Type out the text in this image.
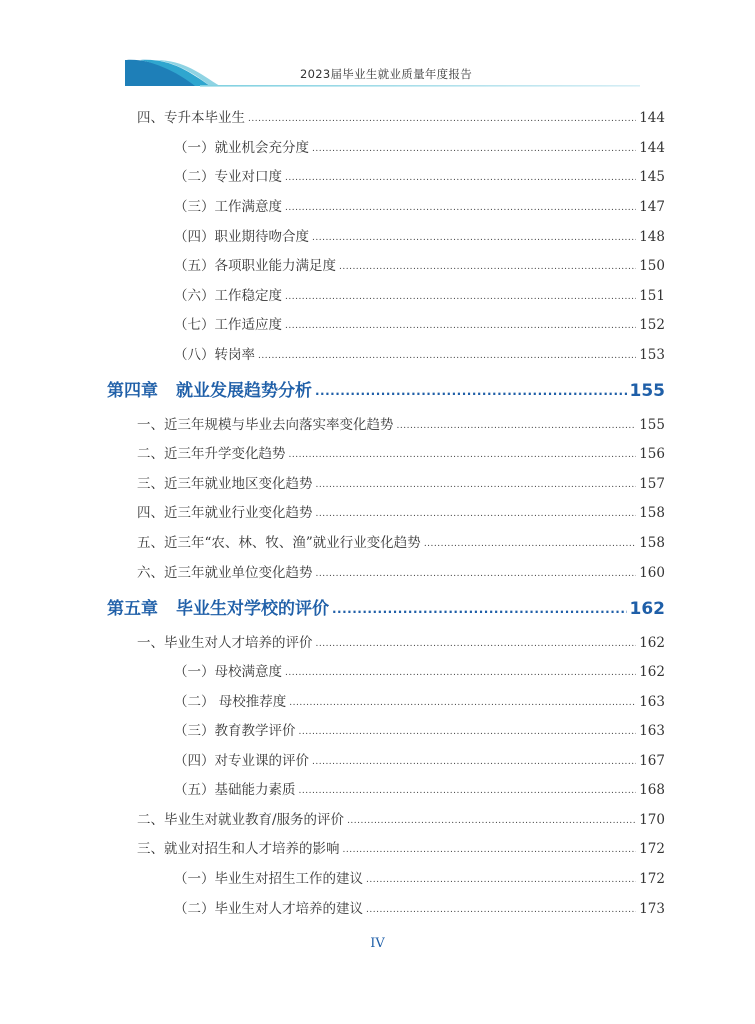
2023届毕业生就业质量年度报告
四、专升本毕业生 .....	144
（一）就业机会充分度 .....	144
（二）专业对口度 .....	145
（三）工作满意度 .....	147
（四）职业期待吻合度 .....	148
（五）各项职业能力满足度 .....	150
（六）工作稳定度 .....	151
（七）工作适应度 .....	152
（八）转岗率 .....	153
第四章 就业发展趋势分析 .....	155
一、近三年规模与毕业去向落实率变化趋势 .....	155
二、近三年升学变化趋势 .....	156
三、近三年就业地区变化趋势 .....	157
四、近三年就业行业变化趋势 .....	158
五、近三年“农、林、牧、渔”就业行业变化趋势 .....	158
六、近三年就业单位变化趋势 .....	160
第五章 毕业生对学校的评价 .....	162
一、毕业生对人才培养的评价 .....	162
（一）母校满意度 .....	162
（二） 母校推荐度 .....	163
（三）教育教学评价 .....	163
（四）对专业课的评价 .....	167
（五）基础能力素质 .....	168
二、毕业生对就业教育/服务的评价 .....	170
三、就业对招生和人才培养的影响 .....	172
（一）毕业生对招生工作的建议 .....	172
（二）毕业生对人才培养的建议 .....	173
IV
